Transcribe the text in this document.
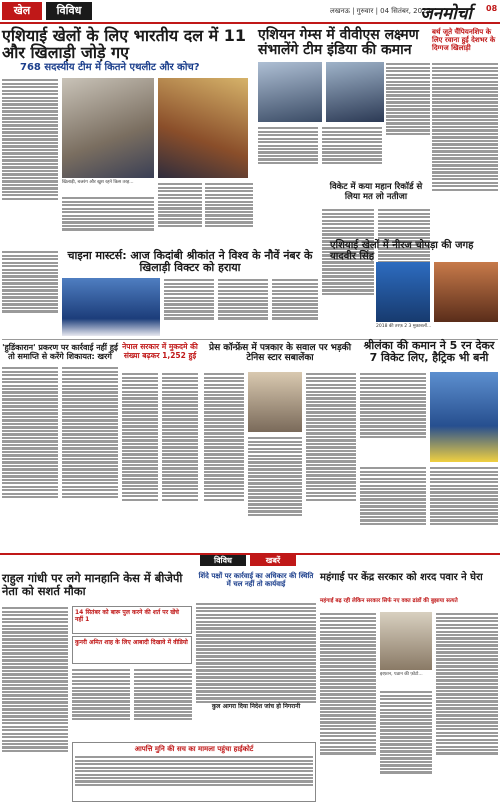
खेल	विविध	लखनऊ | गुरुवार | 04 सितंबर, 2025
जनमोर्चा 08
एशियाई खेलों के लिए भारतीय दल में 11 और खिलाड़ी जोड़े गए
768 सदस्यीय टीम में कितने एथलीट और कोच?
एशियन गेम्स में वीवीएस लक्ष्मण संभालेंगे टीम इंडिया की कमान
बर्थ जूते चैंपियनशिप के लिए रवाना हुई देशभर के दिग्गज खिलाड़ी
खिलाड़ी, बजरंग और खुश रहने किस तरह...	विकेट में कया महान रिकॉर्ड से लिया मत लो नतीजा
चाइना मास्टर्स: आज किदांबी श्रीकांत ने विश्व के नौवें नंबर के खिलाड़ी विक्टर को हराया
एशियाई खेलों में नीरज चोपड़ा की जगह यादवीर सिंह
2018 की तरफ़ 2 3 मुकाबलों...
'हुडिंकारान' प्रकरण पर कार्रवाई नहीं हुई तो समाप्ति से करेंगे शिकायत: खरगे
नेपाल सरकार में मुकदमे की संख्या बढ़कर 1,252 हुई
प्रेस कॉन्फ्रेंस में पत्रकार के सवाल पर भड़की टेनिस स्टार सबालेंका
श्रीलंका की कमान ने 5 रन देकर 7 विकेट लिए, हैट्रिक भी बनी
विविध	खबरें
राहुल गांधी पर लगे मानहानि केस में बीजेपी नेता को सशर्त मौका
14 सितंबर को बारू पुल करने की शर्त पर खेंचे नहीं 1
कुनरी अमित शाह के लिए आबादी दिखावे में वीडियो
शिंदे पक्षों पर कार्रवाई का अधिकार की स्थिति में चल नहीं तो कार्यवाई
कुल आगरा दिया निदेश जांच हो निगरानी
आपत्ति मुनि की सच का मामला पहुंचा हाईकोर्ट
महंगाई पर केंद्र सरकार को शरद पवार ने घेरा
महंगाई बढ़ रही लेकिन सरकार सिर्फ नए वक्त ढांडों की बुझाया सत्यते
इरफ़ान, पठान की फ़ोटो...
